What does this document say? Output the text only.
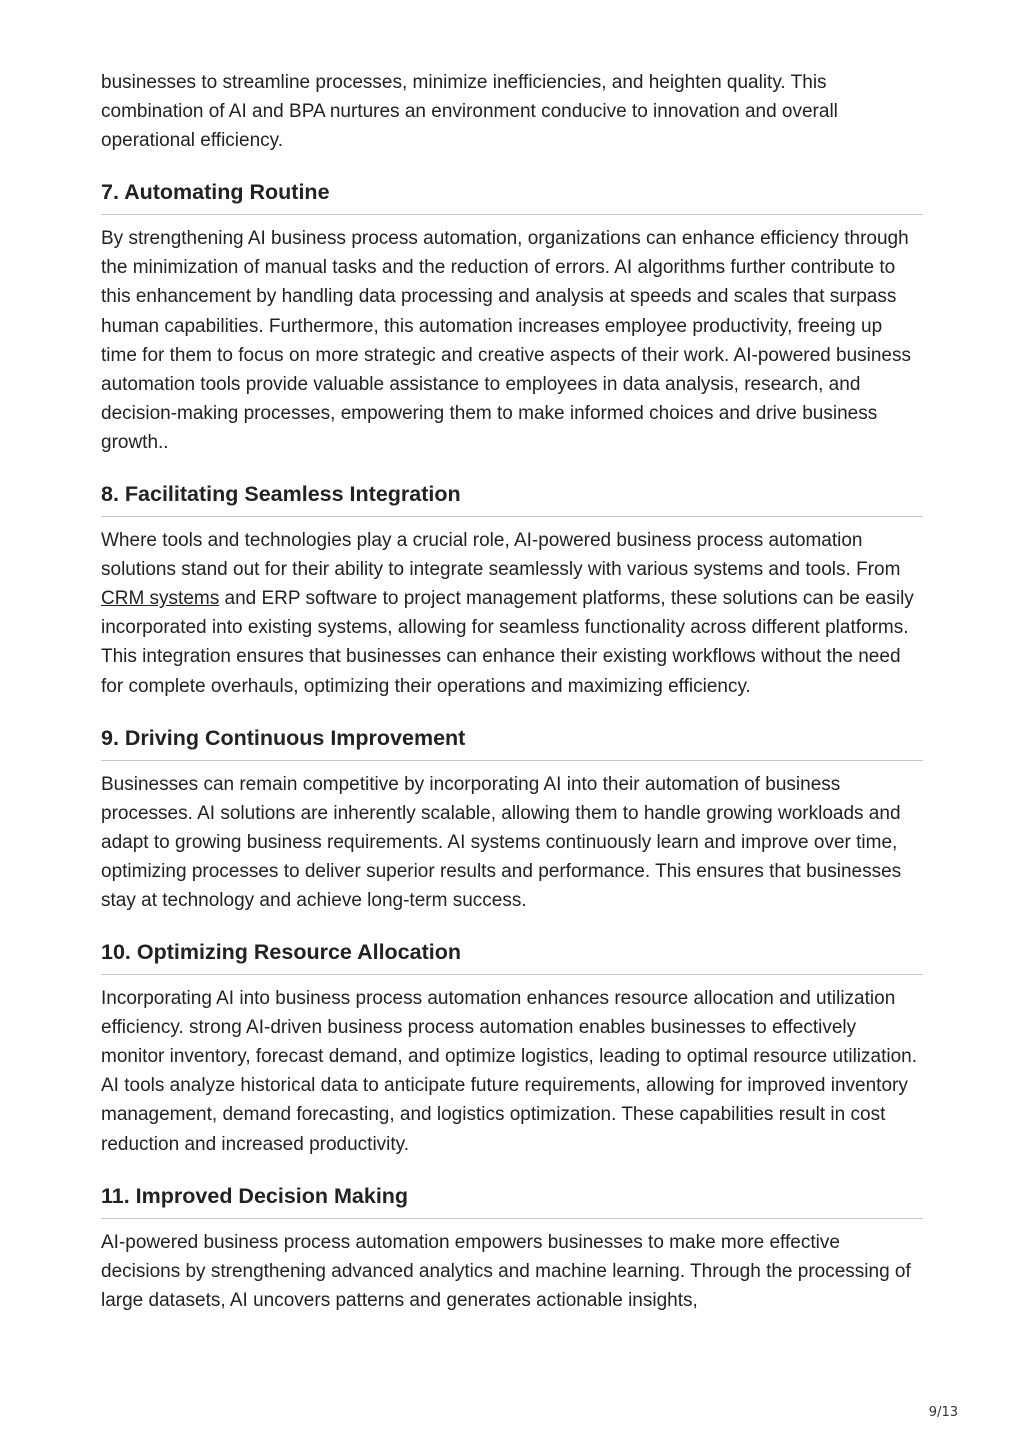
businesses to streamline processes, minimize inefficiencies, and heighten quality. This combination of AI and BPA nurtures an environment conducive to innovation and overall operational efficiency.

7. Automating Routine

By strengthening AI business process automation, organizations can enhance efficiency through the minimization of manual tasks and the reduction of errors. AI algorithms further contribute to this enhancement by handling data processing and analysis at speeds and scales that surpass human capabilities. Furthermore, this automation increases employee productivity, freeing up time for them to focus on more strategic and creative aspects of their work. AI-powered business automation tools provide valuable assistance to employees in data analysis, research, and decision-making processes, empowering them to make informed choices and drive business growth..

8. Facilitating Seamless Integration

Where tools and technologies play a crucial role, AI-powered business process automation solutions stand out for their ability to integrate seamlessly with various systems and tools. From CRM systems and ERP software to project management platforms, these solutions can be easily incorporated into existing systems, allowing for seamless functionality across different platforms. This integration ensures that businesses can enhance their existing workflows without the need for complete overhauls, optimizing their operations and maximizing efficiency.

9. Driving Continuous Improvement

Businesses can remain competitive by incorporating AI into their automation of business processes. AI solutions are inherently scalable, allowing them to handle growing workloads and adapt to growing business requirements. AI systems continuously learn and improve over time, optimizing processes to deliver superior results and performance. This ensures that businesses stay at technology and achieve long-term success.

10. Optimizing Resource Allocation

Incorporating AI into business process automation enhances resource allocation and utilization efficiency. strong AI-driven business process automation enables businesses to effectively monitor inventory, forecast demand, and optimize logistics, leading to optimal resource utilization. AI tools analyze historical data to anticipate future requirements, allowing for improved inventory management, demand forecasting, and logistics optimization. These capabilities result in cost reduction and increased productivity.

11. Improved Decision Making

AI-powered business process automation empowers businesses to make more effective decisions by strengthening advanced analytics and machine learning. Through the processing of large datasets, AI uncovers patterns and generates actionable insights,

9/13
